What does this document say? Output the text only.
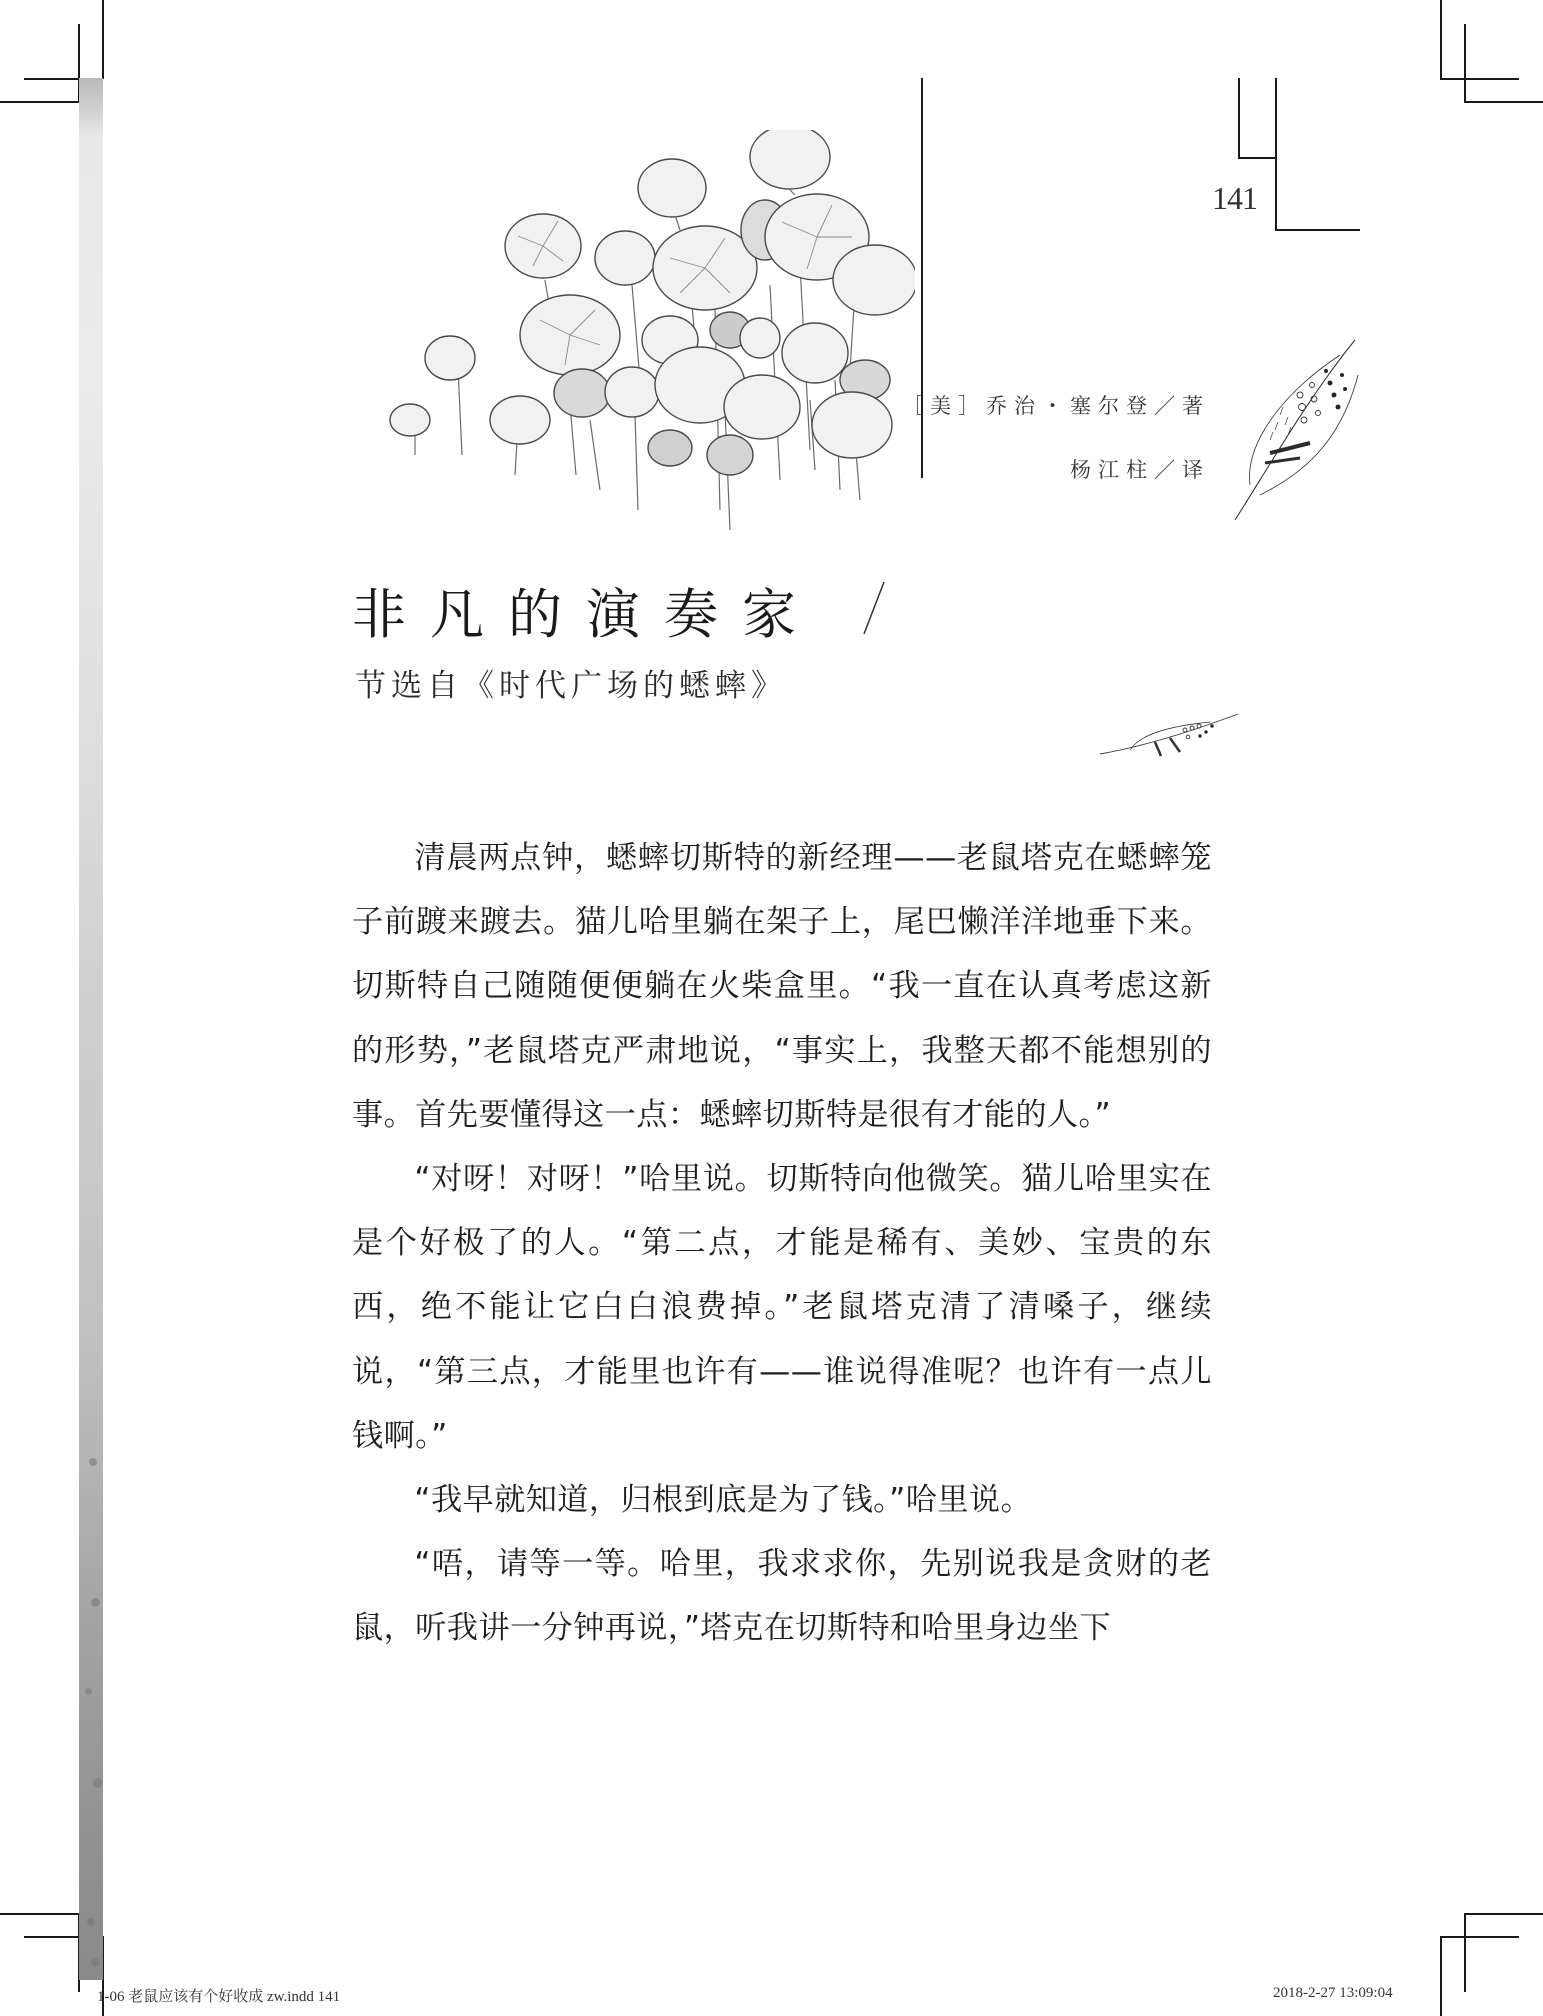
141
［美］乔治・塞尔登／著
杨江柱／译
非凡的演奏家
节选自《时代广场的蟋蟀》

清晨两点钟，蟋蟀切斯特的新经理——老鼠塔克在蟋蟀笼子前踱来踱去。猫儿哈里躺在架子上，尾巴懒洋洋地垂下来。切斯特自己随随便便躺在火柴盒里。“我一直在认真考虑这新的形势，”老鼠塔克严肃地说，“事实上，我整天都不能想别的事。首先要懂得这一点：蟋蟀切斯特是很有才能的人。”

“对呀！对呀！”哈里说。切斯特向他微笑。猫儿哈里实在是个好极了的人。“第二点，才能是稀有、美妙、宝贵的东西，绝不能让它白白浪费掉。”老鼠塔克清了清嗓子，继续说，“第三点，才能里也许有——谁说得准呢？也许有一点儿钱啊。”

“我早就知道，归根到底是为了钱。”哈里说。

“唔，请等一等。哈里，我求求你，先别说我是贪财的老鼠，听我讲一分钟再说，”塔克在切斯特和哈里身边坐下

1-06 老鼠应该有个好收成 zw.indd 141	2018-2-27 13:09:04
